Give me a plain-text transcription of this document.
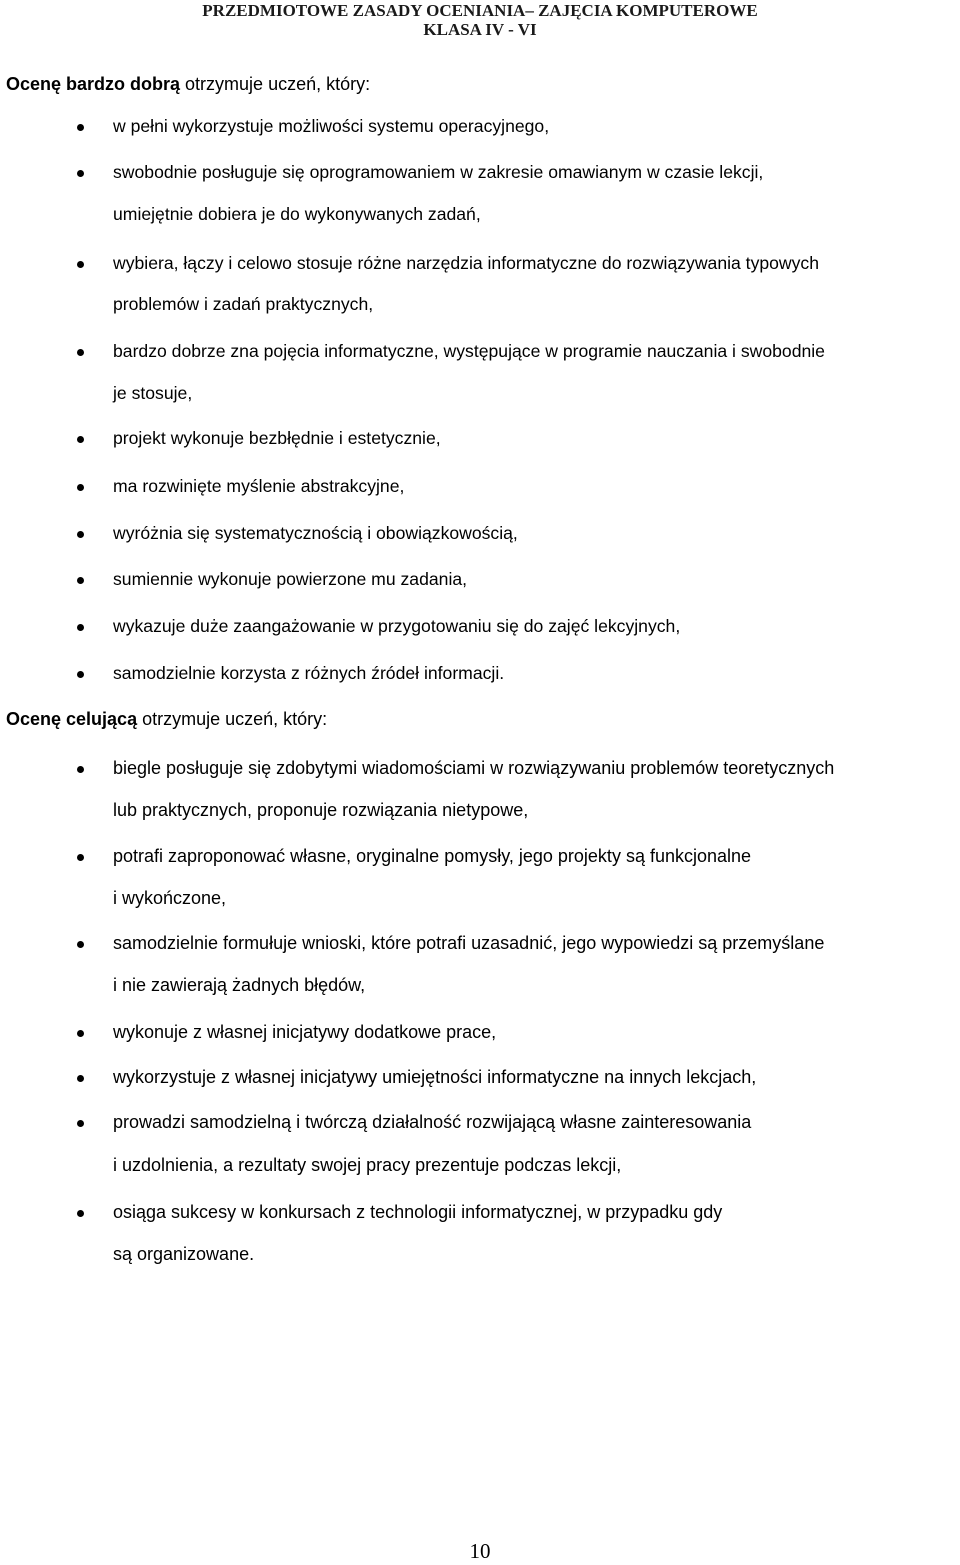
PRZEDMIOTOWE ZASADY OCENIANIA– ZAJĘCIA KOMPUTEROWE
KLASA IV - VI
Ocenę bardzo dobrą otrzymuje uczeń, który:
w pełni wykorzystuje możliwości systemu operacyjnego,
swobodnie posługuje się oprogramowaniem w zakresie omawianym w czasie lekcji,
umiejętnie dobiera je do wykonywanych zadań,
wybiera, łączy i celowo stosuje różne narzędzia informatyczne do rozwiązywania typowych
problemów i zadań praktycznych,
bardzo dobrze zna pojęcia informatyczne, występujące w programie nauczania i swobodnie
je stosuje,
projekt wykonuje bezbłędnie i estetycznie,
ma rozwinięte myślenie abstrakcyjne,
wyróżnia się systematycznością i obowiązkowością,
sumiennie wykonuje powierzone mu zadania,
wykazuje duże zaangażowanie w przygotowaniu się do zajęć lekcyjnych,
samodzielnie korzysta z różnych źródeł informacji.
Ocenę celującą otrzymuje uczeń, który:
biegle posługuje się zdobytymi wiadomościami w rozwiązywaniu problemów teoretycznych
lub praktycznych, proponuje rozwiązania nietypowe,
potrafi zaproponować własne, oryginalne pomysły, jego projekty są funkcjonalne
i wykończone,
samodzielnie formułuje wnioski, które potrafi uzasadnić, jego wypowiedzi są przemyślane
i nie zawierają żadnych błędów,
wykonuje z własnej inicjatywy dodatkowe prace,
wykorzystuje z własnej inicjatywy umiejętności informatyczne na innych lekcjach,
prowadzi samodzielną i twórczą działalność rozwijającą własne zainteresowania
i uzdolnienia, a rezultaty swojej pracy prezentuje podczas lekcji,
osiąga sukcesy w konkursach z technologii informatycznej, w przypadku gdy
są organizowane.
10
